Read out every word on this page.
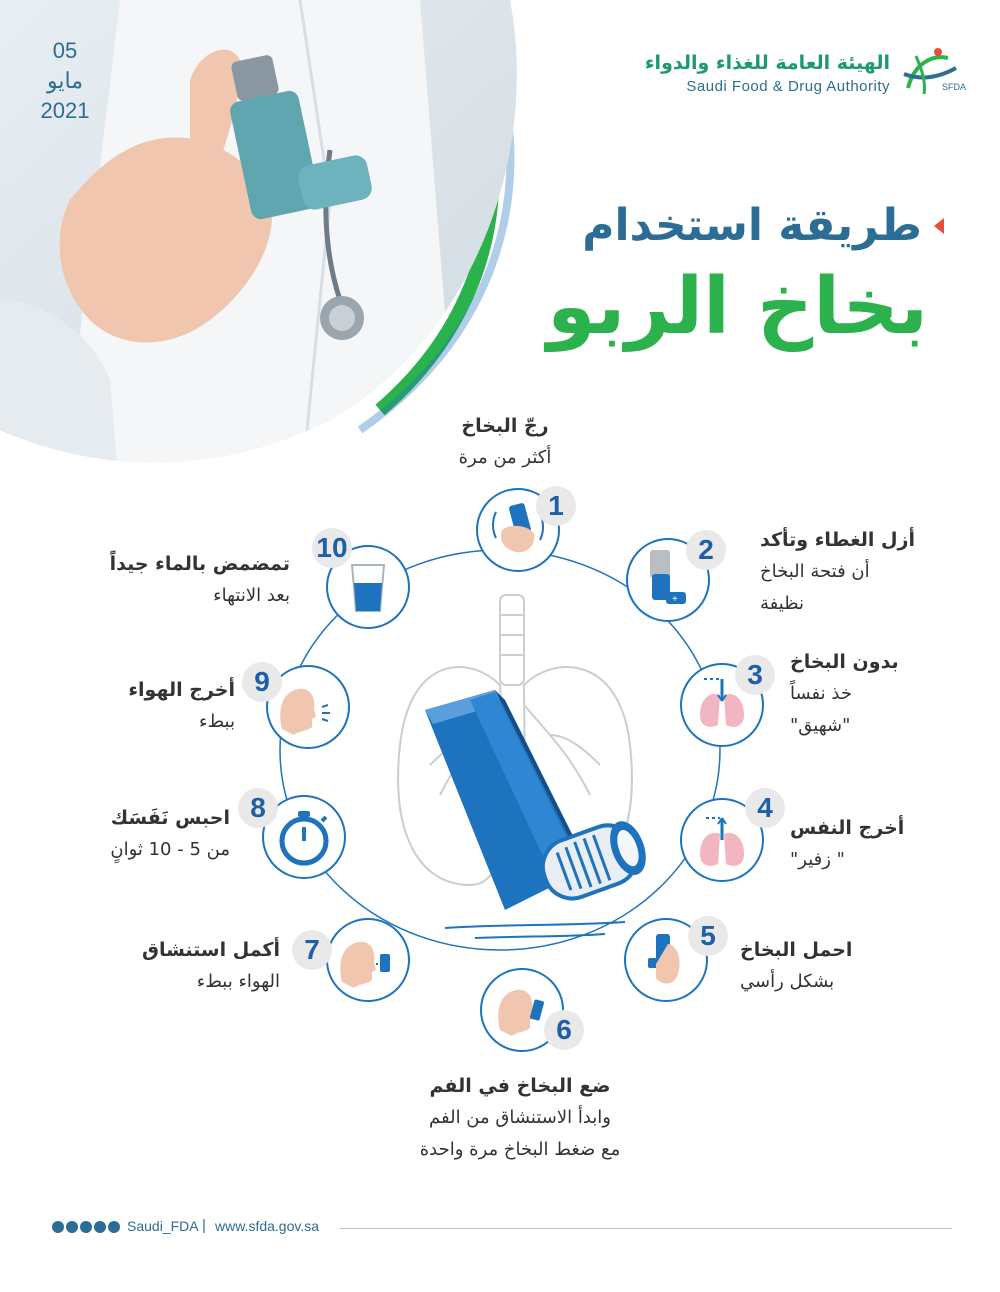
05
مايو
2021
الهيئة العامة للغذاء والدواء
Saudi Food & Drug Authority	SFDA
طريقة استخدام
بخاخ الربو
1
+
2
3
4
5
6
7
8
9
10
رجّ البخاخ
أكثر من مرة
أزل الغطاء وتأكد
أن فتحة البخاخ
نظيفة
بدون البخاخ
خذ نفساً
"شهيق"
أخرج النفس
" زفير"
احمل البخاخ
بشكل رأسي
ضع البخاخ في الفم
وابدأ الاستنشاق من الفم
مع ضغط البخاخ مرة واحدة
أكمل استنشاق
الهواء ببطء
احبس نَفَسَك
من 5 - 10 ثوانٍ
أخرج الهواء
ببطء
تمضمض بالماء جيداً
بعد الانتهاء
Saudi_FDA | www.sfda.gov.sa
